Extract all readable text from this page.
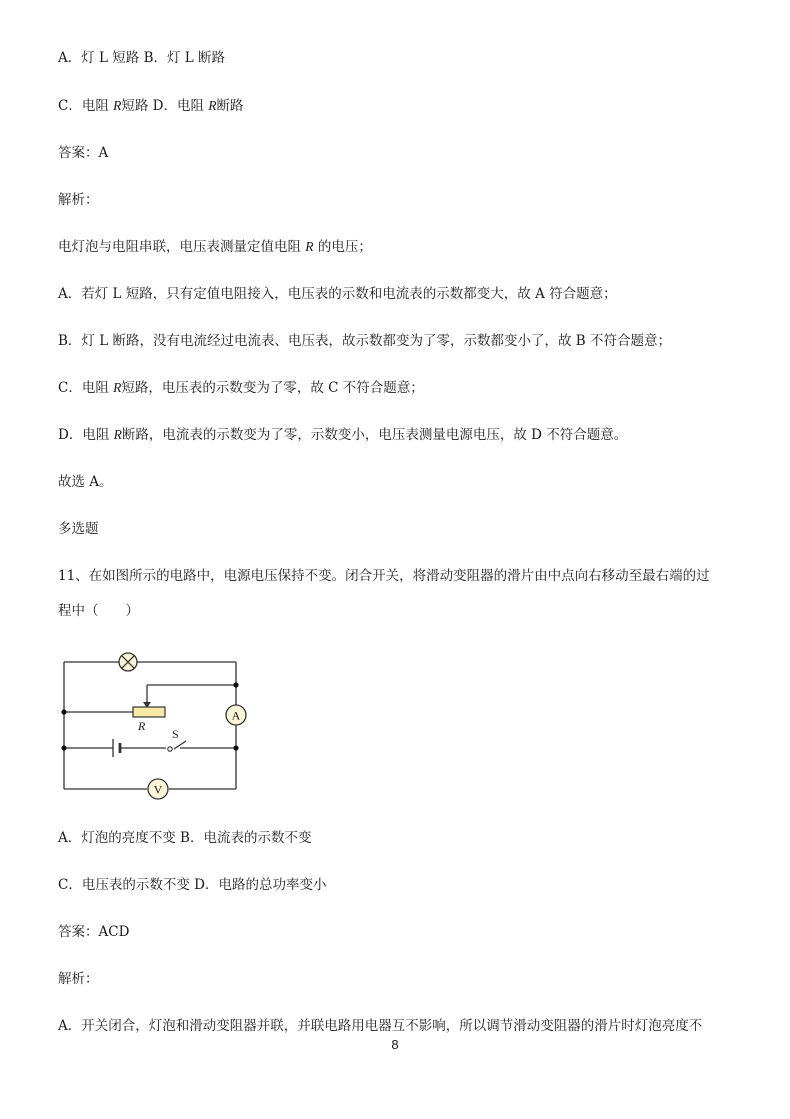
A．灯 L 短路 B．灯 L 断路
C．电阻 R短路 D．电阻 R断路
答案：A
解析：
电灯泡与电阻串联，电压表测量定值电阻 R 的电压；
A．若灯 L 短路，只有定值电阻接入，电压表的示数和电流表的示数都变大，故 A 符合题意；
B．灯 L 断路，没有电流经过电流表、电压表，故示数都变为了零，示数都变小了，故 B 不符合题意；
C．电阻 R短路，电压表的示数变为了零，故 C 不符合题意；
D．电阻 R断路，电流表的示数变为了零，示数变小，电压表测量电源电压，故 D 不符合题意。
故选 A。
多选题
11、在如图所示的电路中，电源电压保持不变。闭合开关，将滑动变阻器的滑片由中点向右移动至最右端的过
程中（　　）
A
V
R
S
A．灯泡的亮度不变 B．电流表的示数不变
C．电压表的示数不变 D．电路的总功率变小
答案：ACD
解析：
A．开关闭合，灯泡和滑动变阻器并联，并联电路用电器互不影响，所以调节滑动变阻器的滑片时灯泡亮度不
8
